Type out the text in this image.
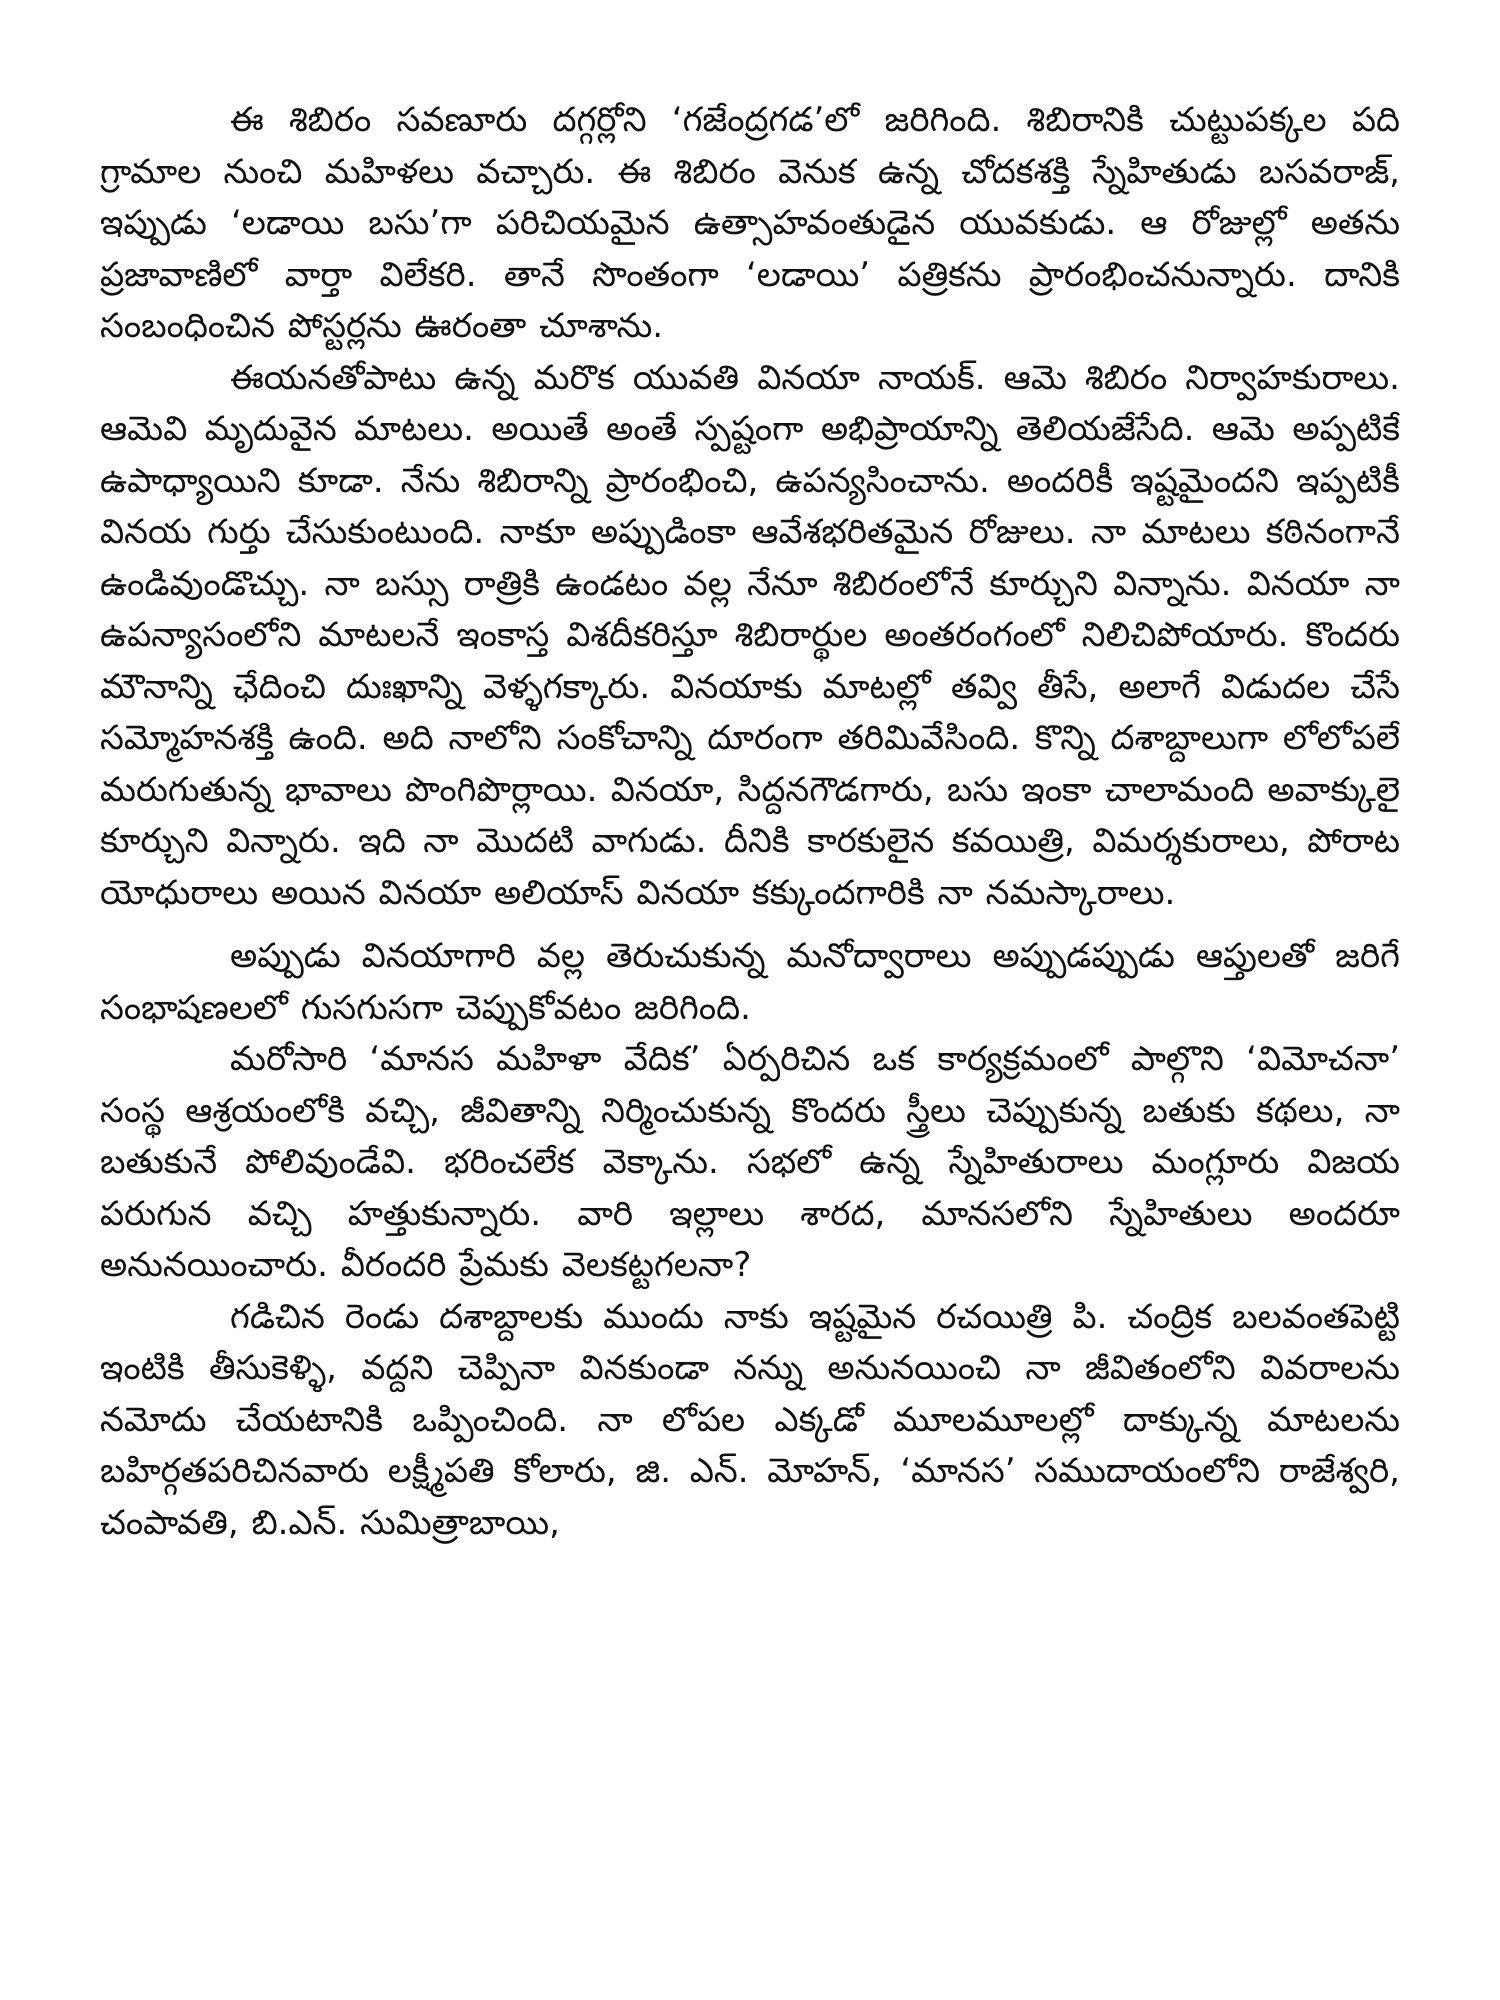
ఈ శిబిరం సవణూరు దగ్గర్లోని ‘గజేంద్రగడ’లో జరిగింది. శిబిరానికి చుట్టుపక్కల పది గ్రామాల నుంచి మహిళలు వచ్చారు. ఈ శిబిరం వెనుక ఉన్న చోదకశక్తి స్నేహితుడు బసవరాజ్, ఇప్పుడు ‘లడాయి బసు’గా పరిచియమైన ఉత్సాహవంతుడైన యువకుడు. ఆ రోజుల్లో అతను ప్రజావాణిలో వార్తా విలేకరి. తానే సొంతంగా ‘లడాయి’ పత్రికను ప్రారంభించనున్నారు. దానికి సంబంధించిన పోస్టర్లను ఊరంతా చూశాను.

ఈయనతోపాటు ఉన్న మరొక యువతి వినయా నాయక్. ఆమె శిబిరం నిర్వాహకురాలు. ఆమెవి మృదువైన మాటలు. అయితే అంతే స్పష్టంగా అభిప్రాయాన్ని తెలియజేసేది. ఆమె అప్పటికే ఉపాధ్యాయిని కూడా. నేను శిబిరాన్ని ప్రారంభించి, ఉపన్యసించాను. అందరికీ ఇష్టమైందని ఇప్పటికీ వినయ గుర్తు చేసుకుంటుంది. నాకూ అప్పుడింకా ఆవేశభరితమైన రోజులు. నా మాటలు కఠినంగానే ఉండివుండొచ్చు. నా బస్సు రాత్రికి ఉండటం వల్ల నేనూ శిబిరంలోనే కూర్చుని విన్నాను. వినయా నా ఉపన్యాసంలోని మాటలనే ఇంకాస్త విశదీకరిస్తూ శిబిరార్థుల అంతరంగంలో నిలిచిపోయారు. కొందరు మౌనాన్ని ఛేదించి దుఃఖాన్ని వెళ్ళగక్కారు. వినయాకు మాటల్లో తవ్వి తీసే, అలాగే విడుదల చేసే సమ్మోహనశక్తి ఉంది. అది నాలోని సంకోచాన్ని దూరంగా తరిమివేసింది. కొన్ని దశాబ్దాలుగా లోలోపలే మరుగుతున్న భావాలు పొంగిపొర్లాయి. వినయా, సిద్దనగౌడగారు, బసు ఇంకా చాలామంది అవాక్కులై కూర్చుని విన్నారు. ఇది నా మొదటి వాగుడు. దీనికి కారకులైన కవయిత్రి, విమర్శకురాలు, పోరాట యోధురాలు అయిన వినయా అలియాస్ వినయా కక్కుందగారికి నా నమస్కారాలు.

అప్పుడు వినయాగారి వల్ల తెరుచుకున్న మనోద్వారాలు అప్పుడప్పుడు ఆప్తులతో జరిగే సంభాషణలలో గుసగుసగా చెప్పుకోవటం జరిగింది.

మరోసారి ‘మానస మహిళా వేదిక’ ఏర్పరిచిన ఒక కార్యక్రమంలో పాల్గొని ‘విమోచనా’ సంస్థ ఆశ్రయంలోకి వచ్చి, జీవితాన్ని నిర్మించుకున్న కొందరు స్త్రీలు చెప్పుకున్న బతుకు కథలు, నా బతుకునే పోలివుండేవి. భరించలేక వెక్కాను. సభలో ఉన్న స్నేహితురాలు మంగ్లూరు విజయ పరుగున వచ్చి హత్తుకున్నారు. వారి ఇల్లాలు శారద, మానసలోని స్నేహితులు అందరూ అనునయించారు. వీరందరి ప్రేమకు వెలకట్టగలనా?

గడిచిన రెండు దశాబ్దాలకు ముందు నాకు ఇష్టమైన రచయిత్రి పి. చంద్రిక బలవంతపెట్టి ఇంటికి తీసుకెళ్ళి, వద్దని చెప్పినా వినకుండా నన్ను అనునయించి నా జీవితంలోని వివరాలను నమోదు చేయటానికి ఒప్పించింది. నా లోపల ఎక్కడో మూలమూలల్లో దాక్కున్న మాటలను బహిర్గతపరిచినవారు లక్ష్మీపతి కోలారు, జి. ఎన్. మోహన్, ‘మానస’ సముదాయంలోని రాజేశ్వరి, చంపావతి, బి.ఎన్. సుమిత్రాబాయి,
